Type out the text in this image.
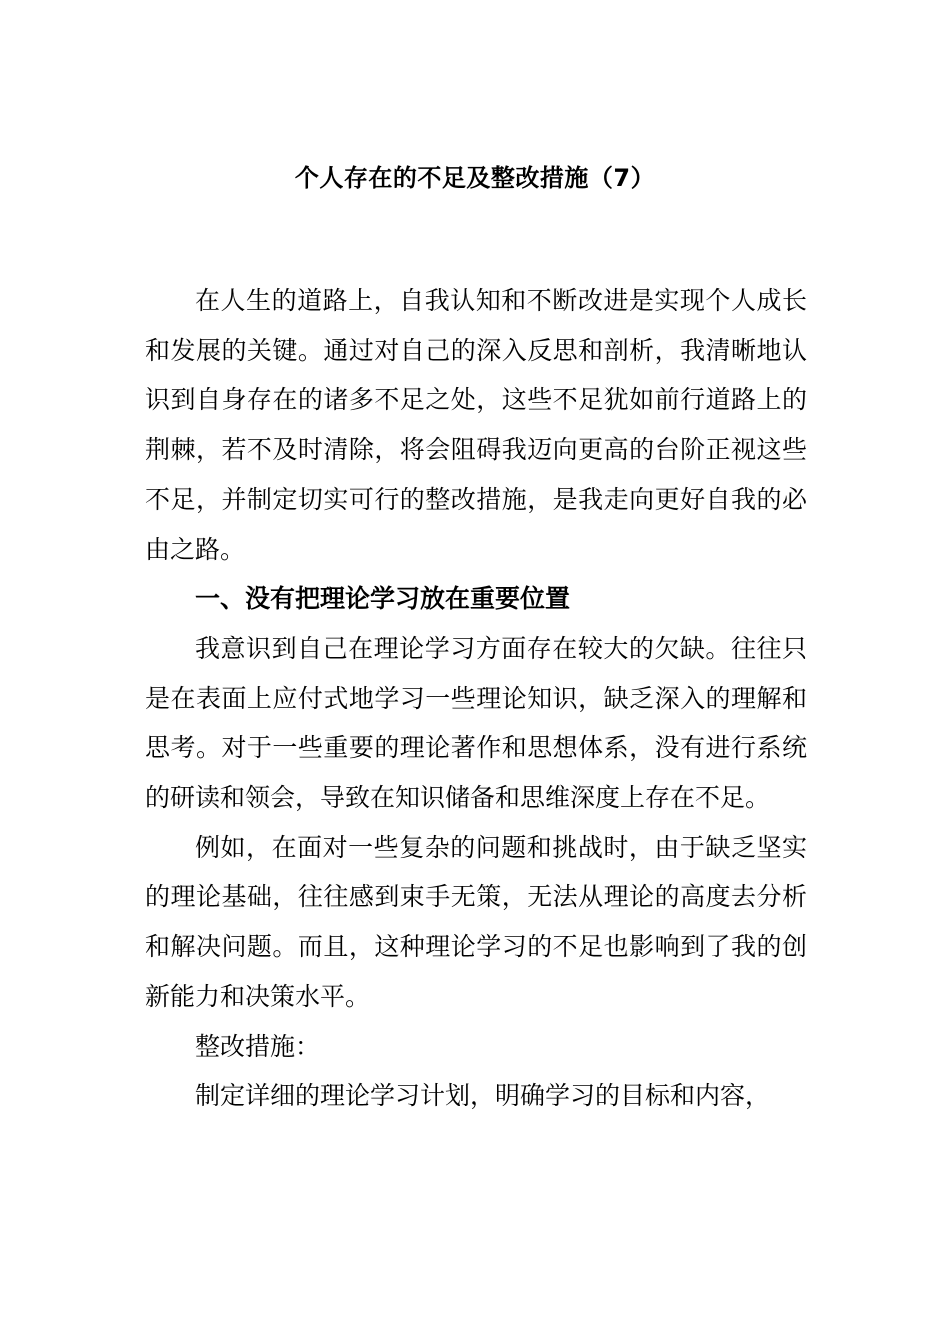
个人存在的不足及整改措施（7）

在人生的道路上，自我认知和不断改进是实现个人成长和发展的关键。通过对自己的深入反思和剖析，我清晰地认识到自身存在的诸多不足之处，这些不足犹如前行道路上的荆棘，若不及时清除，将会阻碍我迈向更高的台阶正视这些不足，并制定切实可行的整改措施，是我走向更好自我的必由之路。

一、没有把理论学习放在重要位置

我意识到自己在理论学习方面存在较大的欠缺。往往只是在表面上应付式地学习一些理论知识，缺乏深入的理解和思考。对于一些重要的理论著作和思想体系，没有进行系统的研读和领会，导致在知识储备和思维深度上存在不足。

例如，在面对一些复杂的问题和挑战时，由于缺乏坚实的理论基础，往往感到束手无策，无法从理论的高度去分析和解决问题。而且，这种理论学习的不足也影响到了我的创新能力和决策水平。

整改措施：

制定详细的理论学习计划，明确学习的目标和内容，
